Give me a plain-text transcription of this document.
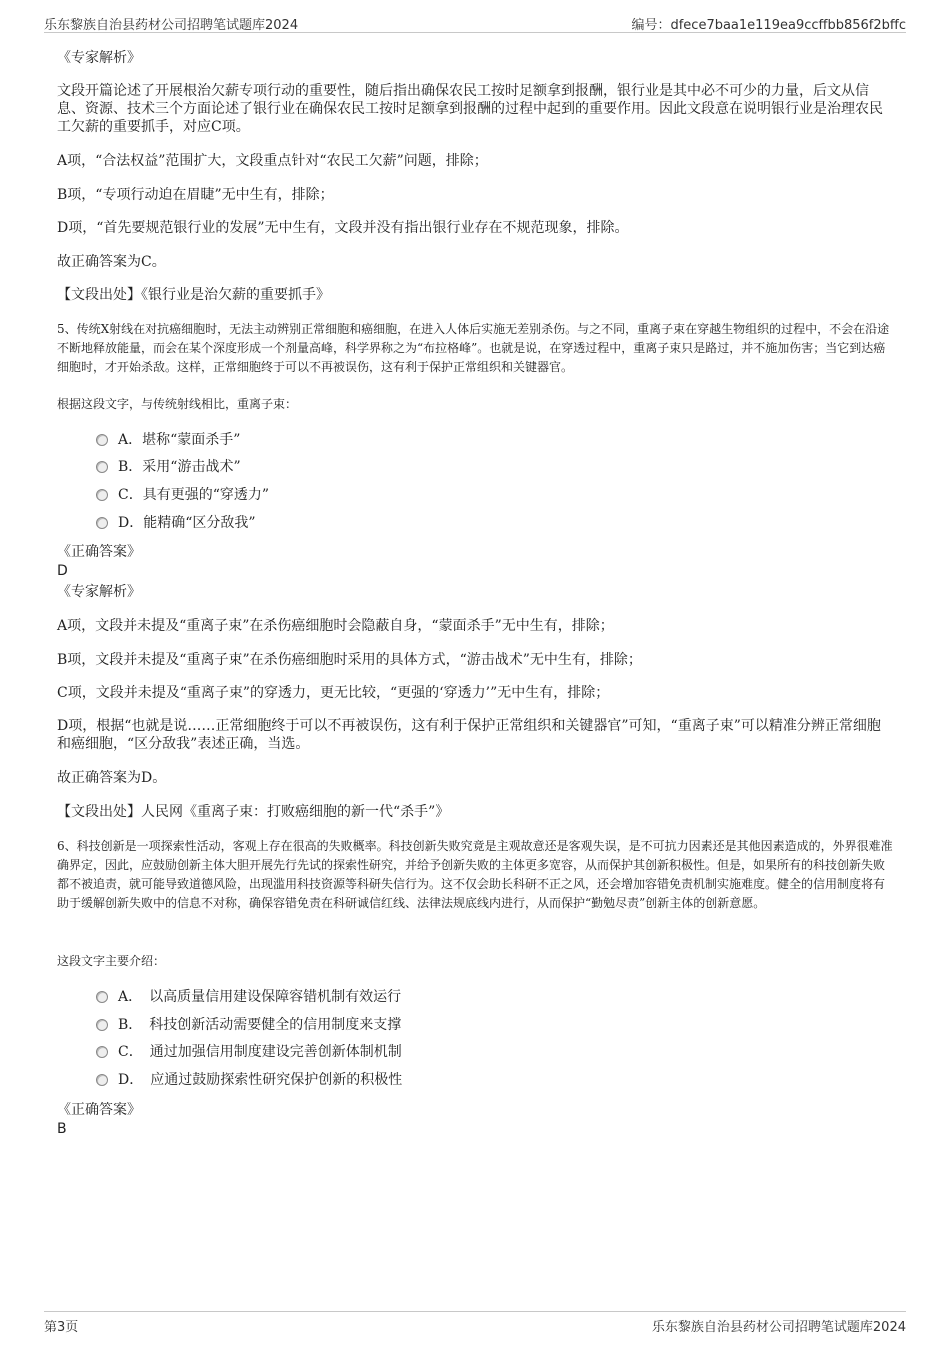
乐东黎族自治县药材公司招聘笔试题库2024	编号：dfece7baa1e119ea9ccffbb856f2bffc
《专家解析》
文段开篇论述了开展根治欠薪专项行动的重要性，随后指出确保农民工按时足额拿到报酬，银行业是其中必不可少的力量，后文从信息、资源、技术三个方面论述了银行业在确保农民工按时足额拿到报酬的过程中起到的重要作用。因此文段意在说明银行业是治理农民工欠薪的重要抓手，对应C项。
A项，“合法权益”范围扩大，文段重点针对“农民工欠薪”问题，排除；
B项，“专项行动迫在眉睫”无中生有，排除；
D项，“首先要规范银行业的发展”无中生有，文段并没有指出银行业存在不规范现象，排除。
故正确答案为C。
【文段出处】《银行业是治欠薪的重要抓手》
5、传统X射线在对抗癌细胞时，无法主动辨别正常细胞和癌细胞，在进入人体后实施无差别杀伤。与之不同，重离子束在穿越生物组织的过程中，不会在沿途不断地释放能量，而会在某个深度形成一个剂量高峰，科学界称之为“布拉格峰”。也就是说，在穿透过程中，重离子束只是路过，并不施加伤害；当它到达癌细胞时，才开始杀敌。这样，正常细胞终于可以不再被误伤，这有利于保护正常组织和关键器官。
根据这段文字，与传统射线相比，重离子束：
A．堪称“蒙面杀手”
B．采用“游击战术”
C．具有更强的“穿透力”
D．能精确“区分敌我”
《正确答案》
D
《专家解析》
A项，文段并未提及“重离子束”在杀伤癌细胞时会隐蔽自身，“蒙面杀手”无中生有，排除；
B项，文段并未提及“重离子束”在杀伤癌细胞时采用的具体方式，“游击战术”无中生有，排除；
C项，文段并未提及“重离子束”的穿透力，更无比较，“更强的‘穿透力’”无中生有，排除；
D项，根据“也就是说……正常细胞终于可以不再被误伤，这有利于保护正常组织和关键器官”可知，“重离子束”可以精准分辨正常细胞和癌细胞，“区分敌我”表述正确，当选。
故正确答案为D。
【文段出处】人民网《重离子束：打败癌细胞的新一代“杀手”》
6、科技创新是一项探索性活动，客观上存在很高的失败概率。科技创新失败究竟是主观故意还是客观失误，是不可抗力因素还是其他因素造成的，外界很难准确界定，因此，应鼓励创新主体大胆开展先行先试的探索性研究，并给予创新失败的主体更多宽容，从而保护其创新积极性。但是，如果所有的科技创新失败都不被追责，就可能导致道德风险，出现滥用科技资源等科研失信行为。这不仅会助长科研不正之风，还会增加容错免责机制实施难度。健全的信用制度将有助于缓解创新失败中的信息不对称，确保容错免责在科研诚信红线、法律法规底线内进行，从而保护“勤勉尽责”创新主体的创新意愿。
这段文字主要介绍：
A．　以高质量信用建设保障容错机制有效运行
B．　科技创新活动需要健全的信用制度来支撑
C．　通过加强信用制度建设完善创新体制机制
D．　应通过鼓励探索性研究保护创新的积极性
《正确答案》
B
第3页	乐东黎族自治县药材公司招聘笔试题库2024
